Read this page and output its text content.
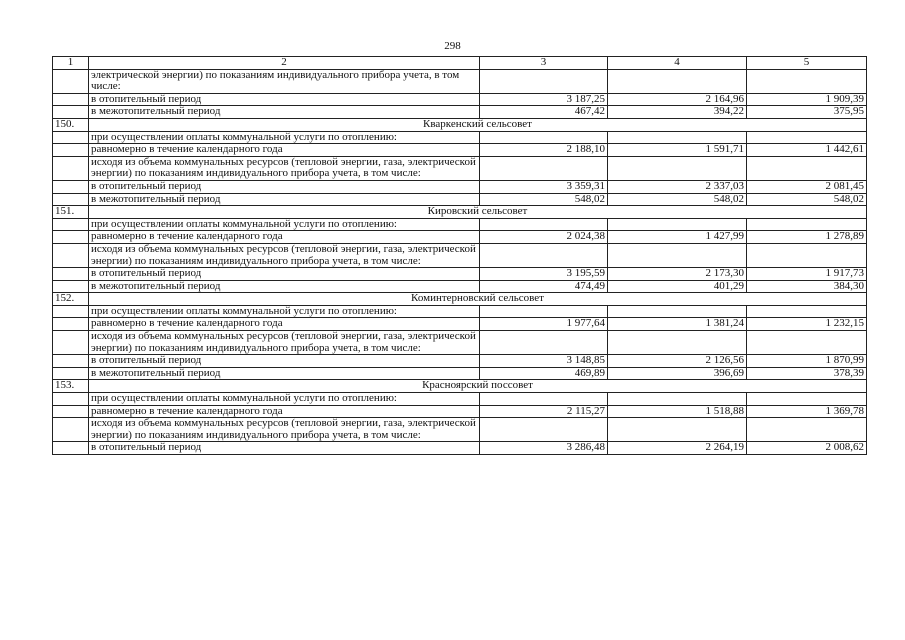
298
1	2	3	4	5
	электрической энергии) по показаниям индивидуального прибора учета, в том числе:			
	в отопительный период	3 187,25	2 164,96	1 909,39
	в межотопительный период	467,42	394,22	375,95
150.	Кваркенский сельсовет			
	при осуществлении оплаты коммунальной услуги по отоплению:			
	равномерно в течение календарного года	2 188,10	1 591,71	1 442,61
	исходя из объема коммунальных ресурсов (тепловой энергии, газа, электрической энергии) по показаниям индивидуального прибора учета, в том числе:			
	в отопительный период	3 359,31	2 337,03	2 081,45
	в межотопительный период	548,02	548,02	548,02
151.	Кировский сельсовет			
	при осуществлении оплаты коммунальной услуги по отоплению:			
	равномерно в течение календарного года	2 024,38	1 427,99	1 278,89
	исходя из объема коммунальных ресурсов (тепловой энергии, газа, электрической энергии) по показаниям индивидуального прибора учета, в том числе:			
	в отопительный период	3 195,59	2 173,30	1 917,73
	в межотопительный период	474,49	401,29	384,30
152.	Коминтерновский сельсовет			
	при осуществлении оплаты коммунальной услуги по отоплению:			
	равномерно в течение календарного года	1 977,64	1 381,24	1 232,15
	исходя из объема коммунальных ресурсов (тепловой энергии, газа, электрической энергии) по показаниям индивидуального прибора учета, в том числе:			
	в отопительный период	3 148,85	2 126,56	1 870,99
	в межотопительный период	469,89	396,69	378,39
153.	Красноярский поссовет			
	при осуществлении оплаты коммунальной услуги по отоплению:			
	равномерно в течение календарного года	2 115,27	1 518,88	1 369,78
	исходя из объема коммунальных ресурсов (тепловой энергии, газа, электрической энергии) по показаниям индивидуального прибора учета, в том числе:			
	в отопительный период	3 286,48	2 264,19	2 008,62
